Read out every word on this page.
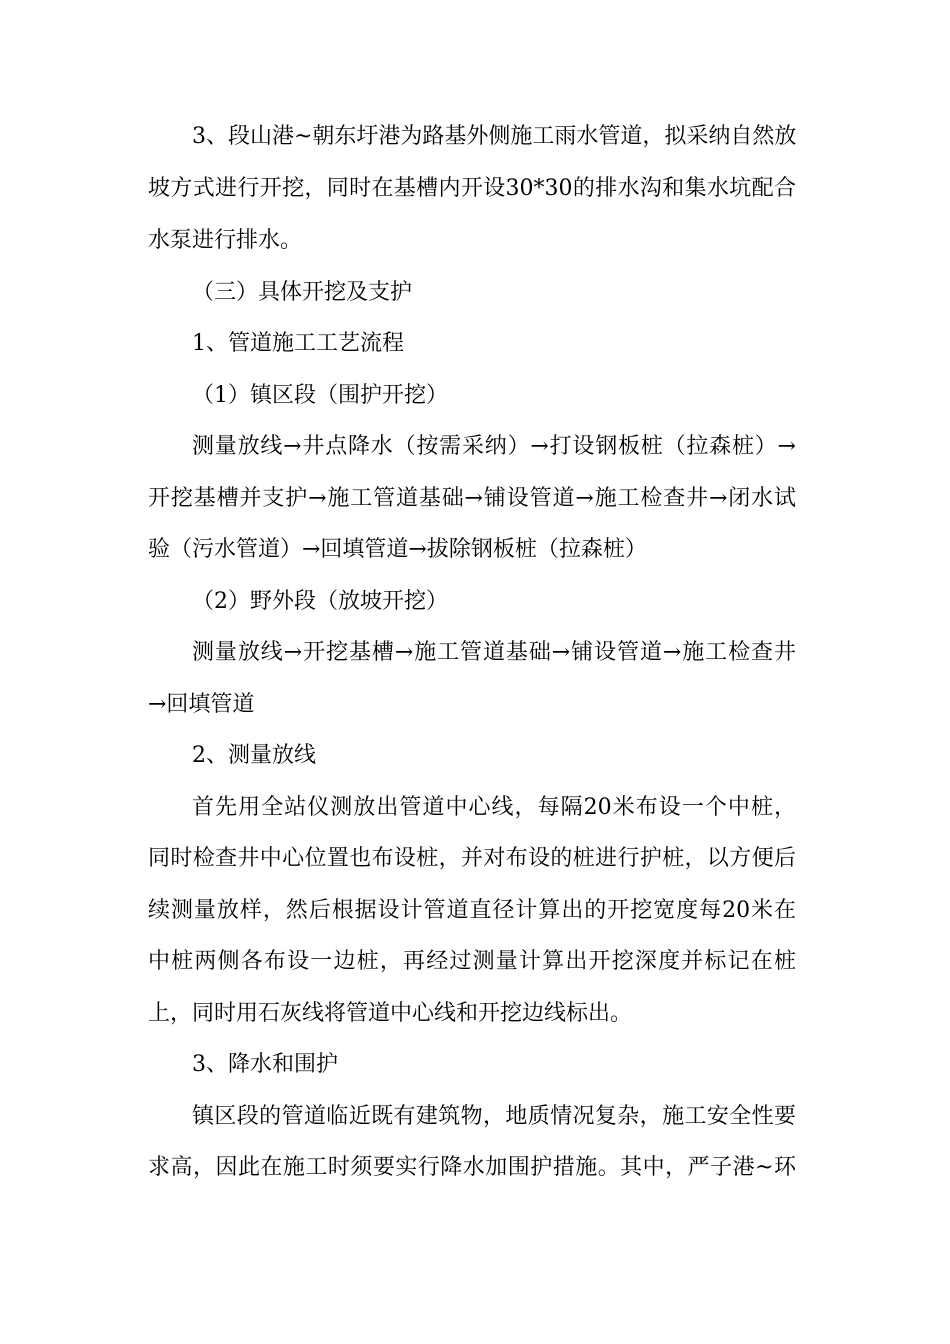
3、段山港~朝东圩港为路基外侧施工雨水管道，拟采纳自然放
坡方式进行开挖，同时在基槽内开设30*30的排水沟和集水坑配合
水泵进行排水。
（三）具体开挖及支护
1、管道施工工艺流程
（1）镇区段（围护开挖）
测量放线→井点降水（按需采纳）→打设钢板桩（拉森桩）→
开挖基槽并支护→施工管道基础→铺设管道→施工检查井→闭水试
验（污水管道）→回填管道→拔除钢板桩（拉森桩）
（2）野外段（放坡开挖）
测量放线→开挖基槽→施工管道基础→铺设管道→施工检查井
→回填管道
2、测量放线
首先用全站仪测放出管道中心线，每隔20米布设一个中桩，
同时检查井中心位置也布设桩，并对布设的桩进行护桩，以方便后
续测量放样，然后根据设计管道直径计算出的开挖宽度每20米在
中桩两侧各布设一边桩，再经过测量计算出开挖深度并标记在桩
上，同时用石灰线将管道中心线和开挖边线标出。
3、降水和围护
镇区段的管道临近既有建筑物，地质情况复杂，施工安全性要
求高，因此在施工时须要实行降水加围护措施。其中，严子港~环
